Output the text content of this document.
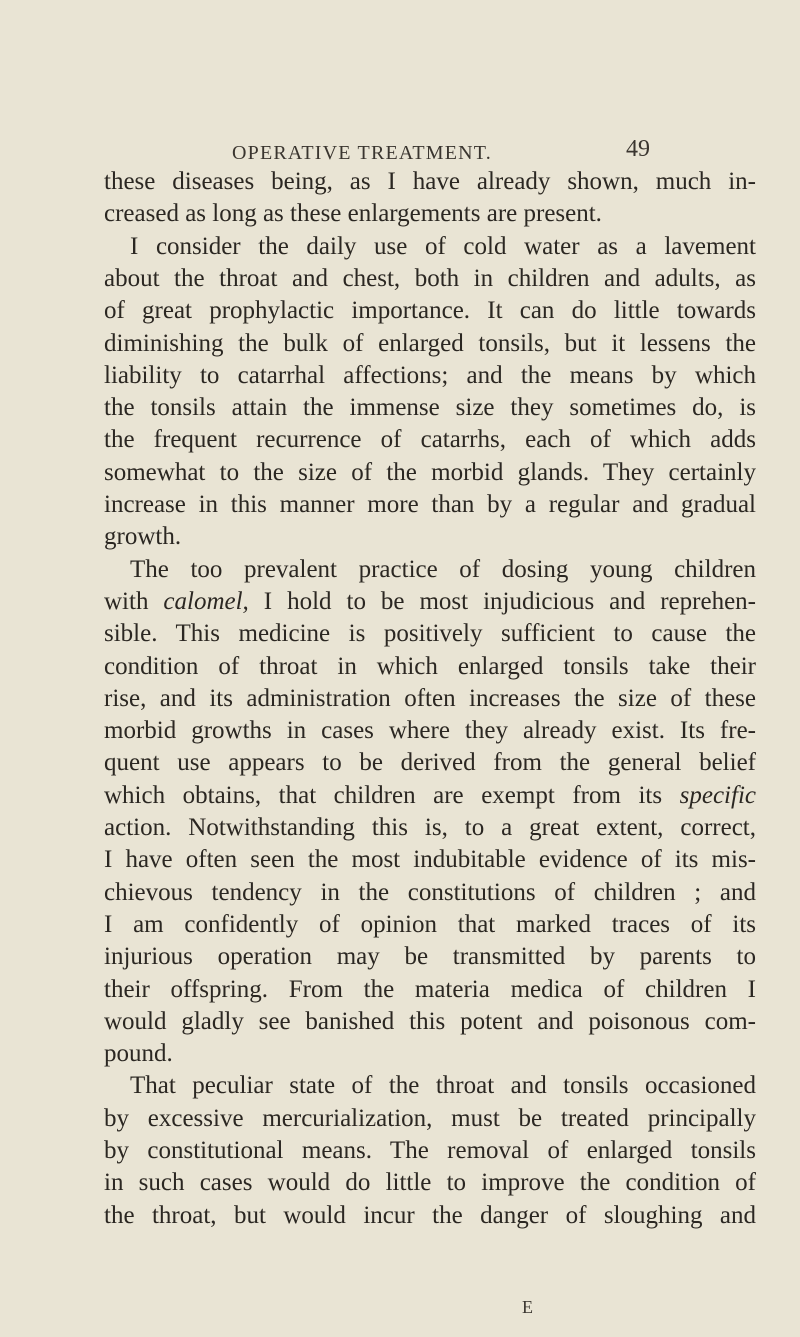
OPERATIVE TREATMENT.	49
these diseases being, as I have already shown, much in-
creased as long as these enlargements are present.
I consider the daily use of cold water as a lavement
about the throat and chest, both in children and adults, as
of great prophylactic importance. It can do little towards
diminishing the bulk of enlarged tonsils, but it lessens the
liability to catarrhal affections; and the means by which
the tonsils attain the immense size they sometimes do, is
the frequent recurrence of catarrhs, each of which adds
somewhat to the size of the morbid glands. They certainly
increase in this manner more than by a regular and gradual
growth.
The too prevalent practice of dosing young children
with calomel, I hold to be most injudicious and reprehen-
sible. This medicine is positively sufficient to cause the
condition of throat in which enlarged tonsils take their
rise, and its administration often increases the size of these
morbid growths in cases where they already exist. Its fre-
quent use appears to be derived from the general belief
which obtains, that children are exempt from its specific
action. Notwithstanding this is, to a great extent, correct,
I have often seen the most indubitable evidence of its mis-
chievous tendency in the constitutions of children ; and
I am confidently of opinion that marked traces of its
injurious operation may be transmitted by parents to
their offspring. From the materia medica of children I
would gladly see banished this potent and poisonous com-
pound.
That peculiar state of the throat and tonsils occasioned
by excessive mercurialization, must be treated principally
by constitutional means. The removal of enlarged tonsils
in such cases would do little to improve the condition of
the throat, but would incur the danger of sloughing and
E
